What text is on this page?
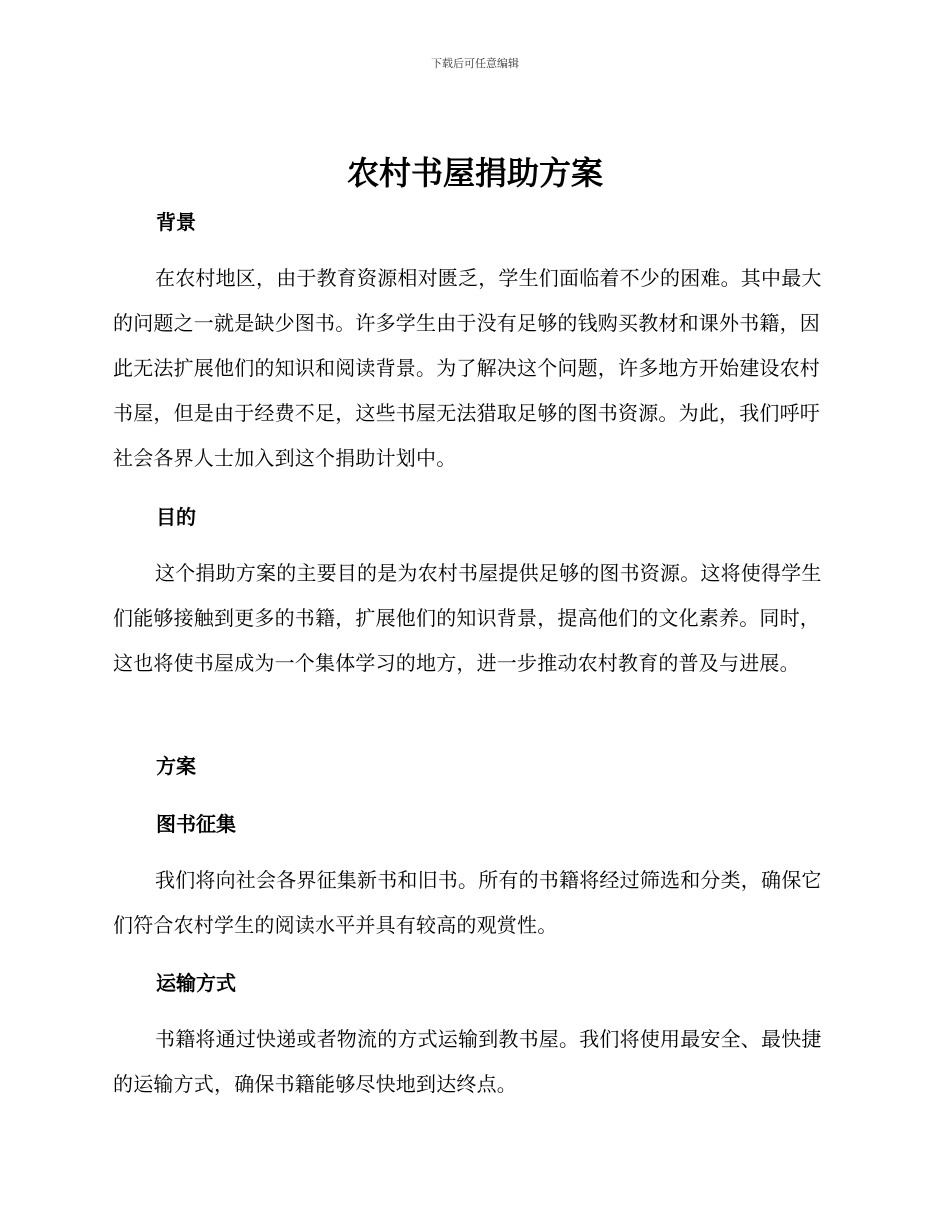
下载后可任意编辑
农村书屋捐助方案
背景

在农村地区，由于教育资源相对匮乏，学生们面临着不少的困难。其中最大的问题之一就是缺少图书。许多学生由于没有足够的钱购买教材和课外书籍，因此无法扩展他们的知识和阅读背景。为了解决这个问题，许多地方开始建设农村书屋，但是由于经费不足，这些书屋无法猎取足够的图书资源。为此，我们呼吁社会各界人士加入到这个捐助计划中。

目的

这个捐助方案的主要目的是为农村书屋提供足够的图书资源。这将使得学生们能够接触到更多的书籍，扩展他们的知识背景，提高他们的文化素养。同时，这也将使书屋成为一个集体学习的地方，进一步推动农村教育的普及与进展。

方案
图书征集

我们将向社会各界征集新书和旧书。所有的书籍将经过筛选和分类，确保它们符合农村学生的阅读水平并具有较高的观赏性。

运输方式

书籍将通过快递或者物流的方式运输到教书屋。我们将使用最安全、最快捷的运输方式，确保书籍能够尽快地到达终点。
